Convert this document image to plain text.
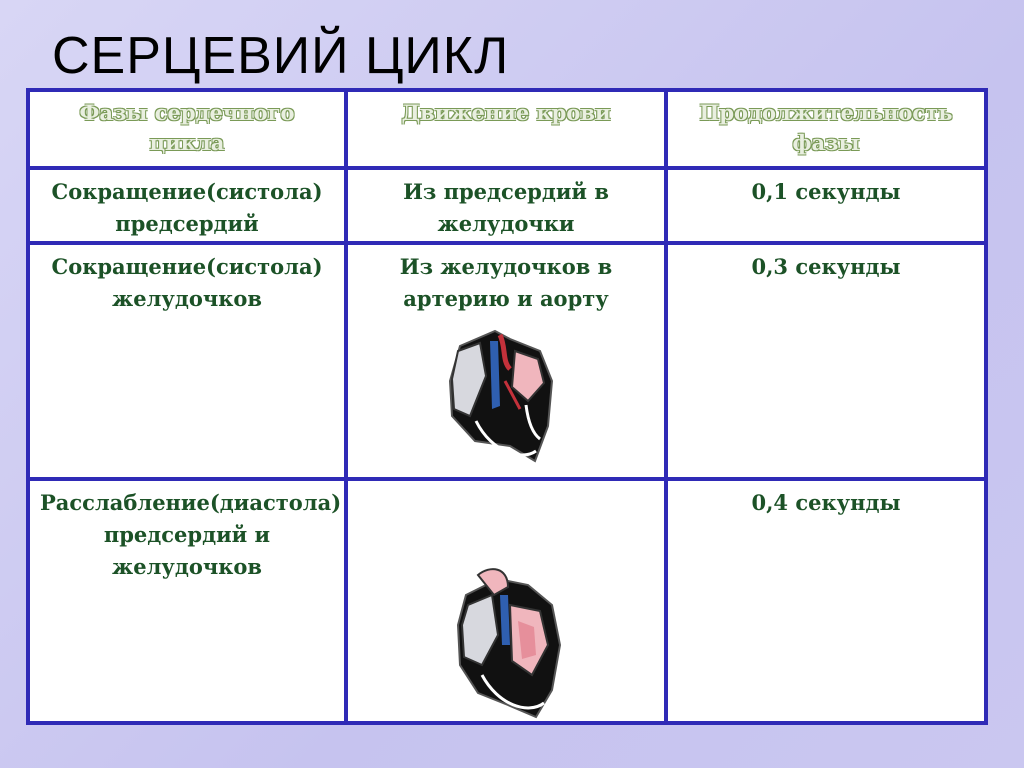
СЕРЦЕВИЙ ЦИКЛ
Фазы сердечного цикла	Движение крови	Продолжительность фазы
Сокращение(систола) предсердий	Из предсердий в желудочки	0,1 секунды
Сокращение(систола) желудочков	Из желудочков в артерию и аорту	0,3 секунды
Расслабление(диастола) предсердий и желудочков		0,4 секунды
